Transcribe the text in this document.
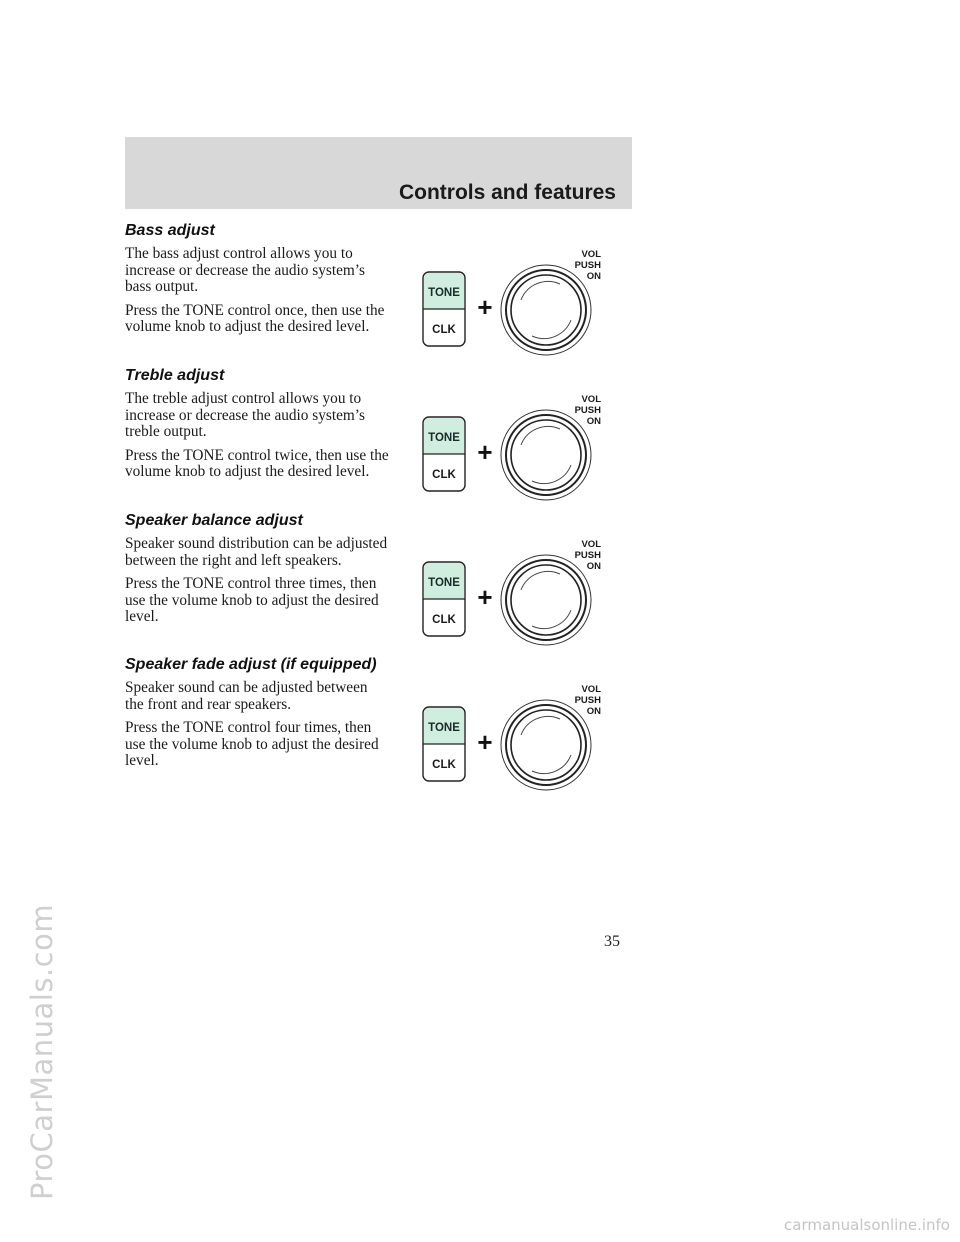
Controls and features
ProCarManuals.com
Bass adjust

The bass adjust control allows you to increase or decrease the audio system’s bass output.

Press the TONE control once, then use the volume knob to adjust the desired level.

Treble adjust

The treble adjust control allows you to increase or decrease the audio system’s treble output.

Press the TONE control twice, then use the volume knob to adjust the desired level.

Speaker balance adjust

Speaker sound distribution can be adjusted between the right and left speakers.

Press the TONE control three times, then use the volume knob to adjust the desired level.

Speaker fade adjust (if equipped)

Speaker sound can be adjusted between the front and rear speakers.

Press the TONE control four times, then use the volume knob to adjust the desired level.

TONE
CLK
+
VOL
PUSH
ON
TONE
CLK
+
VOL
PUSH
ON
TONE
CLK
+
VOL
PUSH
ON
TONE
CLK
+
VOL
PUSH
ON
35
carmanualsonline.info
